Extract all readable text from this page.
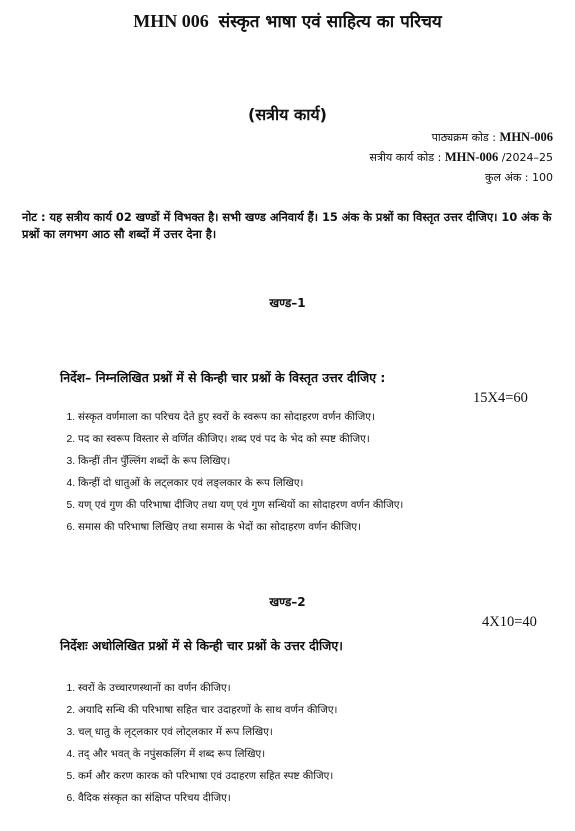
MHN 006 संस्कृत भाषा एवं साहित्य का परिचय
(सत्रीय कार्य)
पाठ्यक्रम कोड : MHN-006
सत्रीय कार्य कोड : MHN-006 /2024–25
कुल अंक : 100
नोट : यह सत्रीय कार्य 02 खण्डों में विभक्त है। सभी खण्ड अनिवार्य हैं। 15 अंक के प्रश्नों का विस्तृत उत्तर दीजिए। 10 अंक के प्रश्नों का लगभग आठ सौ शब्दों में उत्तर देना है।
खण्ड–1
निर्देश– निम्नलिखित प्रश्नों में से किन्ही चार प्रश्नों के विस्तृत उत्तर दीजिए :
15X4=60
1. संस्कृत वर्णमाला का परिचय देते हुए स्वरों के स्वरूप का सोदाहरण वर्णन कीजिए।
2. पद का स्वरूप विस्तार से वर्णित कीजिए। शब्द एवं पद के भेद को स्पष्ट कीजिए।
3. किन्हीं तीन पुँल्लिंग शब्दों के रूप लिखिए।
4. किन्हीं दो धातुओं के लट्लकार एवं लङ्लकार के रूप लिखिए।
5. यण् एवं गुण की परिभाषा दीजिए तथा यण् एवं गुण सन्धियों का सोदाहरण वर्णन कीजिए।
6. समास की परिभाषा लिखिए तथा समास के भेदों का सोदाहरण वर्णन कीजिए।
खण्ड–2
4X10=40
निर्देशः अधोलिखित प्रश्नों में से किन्ही चार प्रश्नों के उत्तर दीजिए।
1. स्वरों के उच्चारणस्थानों का वर्णन कीजिए।
2. अयादि सन्धि की परिभाषा सहित चार उदाहरणों के साथ वर्णन कीजिए।
3. चल् धातु के लृट्लकार एवं लोट्लकार में रूप लिखिए।
4. तद् और भवत् के नपुंसकलिंग में शब्द रूप लिखिए।
5. कर्म और करण कारक को परिभाषा एवं उदाहरण सहित स्पष्ट कीजिए।
6. वैदिक संस्कृत का संक्षिप्त परिचय दीजिए।
